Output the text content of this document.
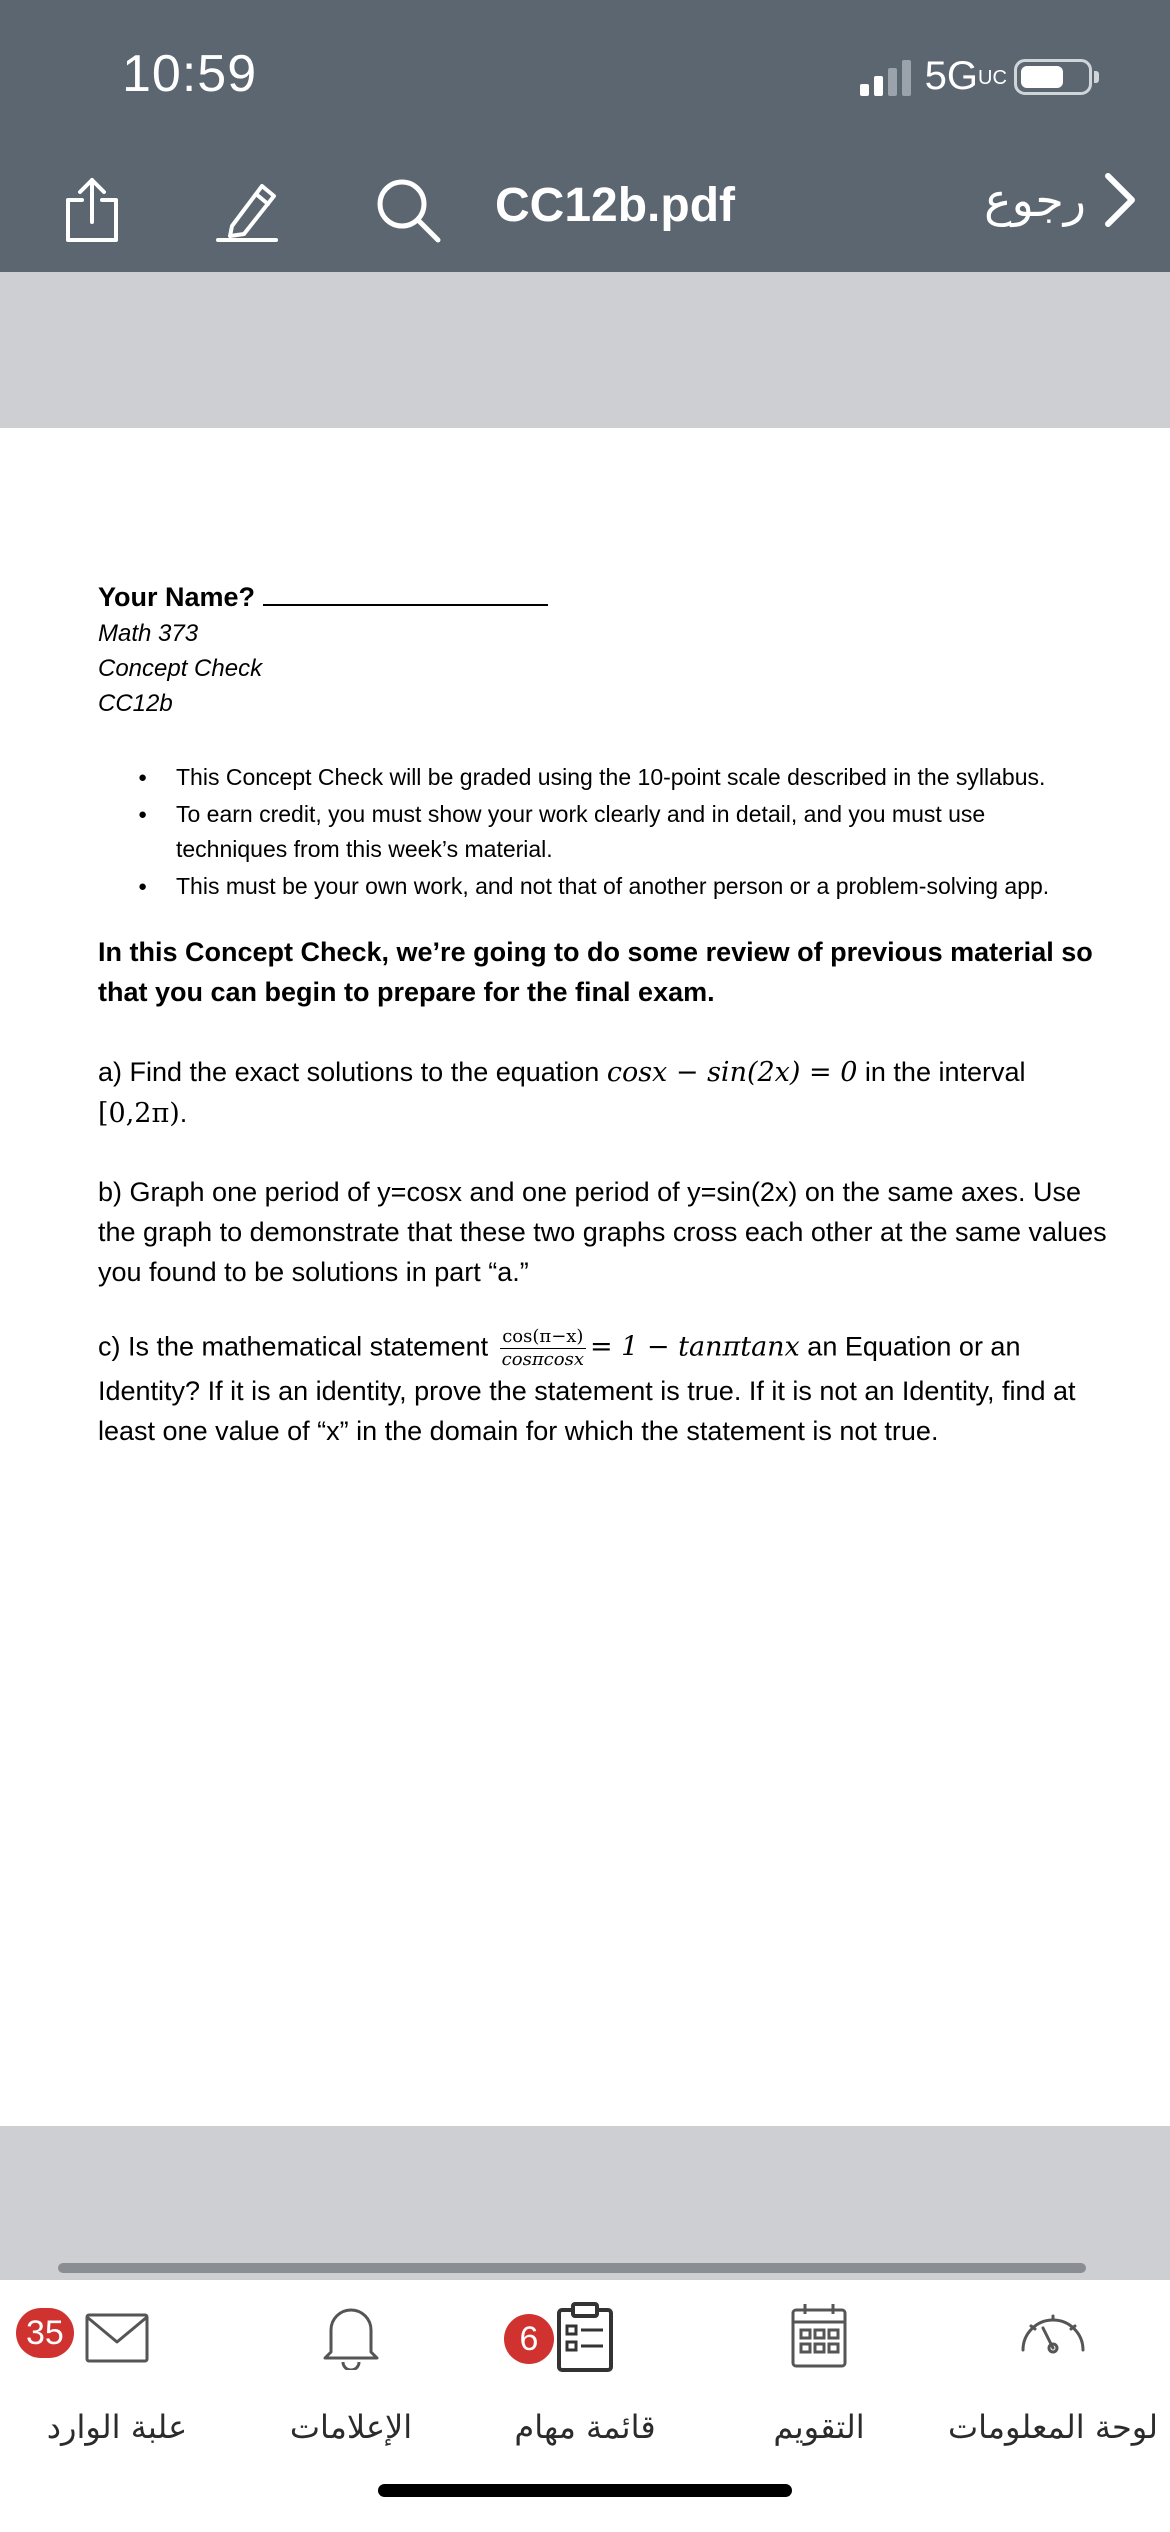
10:59	5GUC
CC12b.pdf	رجوع
Your Name?
Math 373
Concept Check
CC12b
● This Concept Check will be graded using the 10-point scale described in the syllabus.
● To earn credit, you must show your work clearly and in detail, and you must use techniques from this week’s material.
● This must be your own work, and not that of another person or a problem-solving app.
In this Concept Check, we’re going to do some review of previous material so that you can begin to prepare for the final exam.
a) Find the exact solutions to the equation cosx − sin(2x) = 0 in the interval
[0,2π).
b) Graph one period of y=cosx and one period of y=sin(2x) on the same axes. Use the graph to demonstrate that these two graphs cross each other at the same values you found to be solutions in part “a.”
c) Is the mathematical statement $\frac{\cos(\pi-x)}{\cos\pi\cos x} = 1 - \tan\pi\tan x$ an Equation or an Identity? If it is an identity, prove the statement is true. If it is not an Identity, find at least one value of “x” in the domain for which the statement is not true.
لوحة المعلومات
التقويم
6
قائمة مهام
الإعلامات
35
علبة الوارد
